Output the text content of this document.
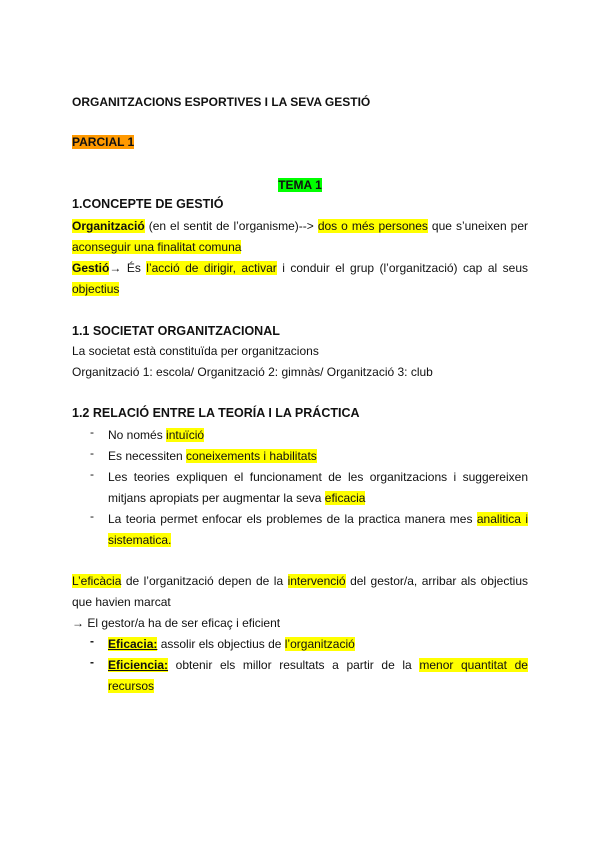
ORGANITZACIONS ESPORTIVES I LA SEVA GESTIÓ
PARCIAL 1
TEMA 1
1.CONCEPTE DE GESTIÓ
Organització (en el sentit de l’organisme)--> dos o més persones que s’uneixen per
aconseguir una finalitat comuna
Gestió→ És l’acció de dirigir, activar i conduir el grup (l’organització) cap al seus
objectius
1.1 SOCIETAT ORGANITZACIONAL
La societat està constituïda per organitzacions
Organització 1: escola/ Organització 2: gimnàs/ Organització 3: club
1.2 RELACIÓ ENTRE LA TEORÍA I LA PRÁCTICA
- No només intuïció
- Es necessiten coneixements i habilitats
- Les teories expliquen el funcionament de les organitzacions i suggereixen
mitjans apropiats per augmentar la seva eficacia
- La teoria permet enfocar els problemes de la practica manera mes analitica i
sistematica.
L’eficàcia de l’organització depen de la intervenció del gestor/a, arribar als objectius
que havien marcat
→ El gestor/a ha de ser eficaç i eficient
- Eficacia: assolir els objectius de l’organització
- Eficiencia: obtenir els millor resultats a partir de la menor quantitat de
recursos
